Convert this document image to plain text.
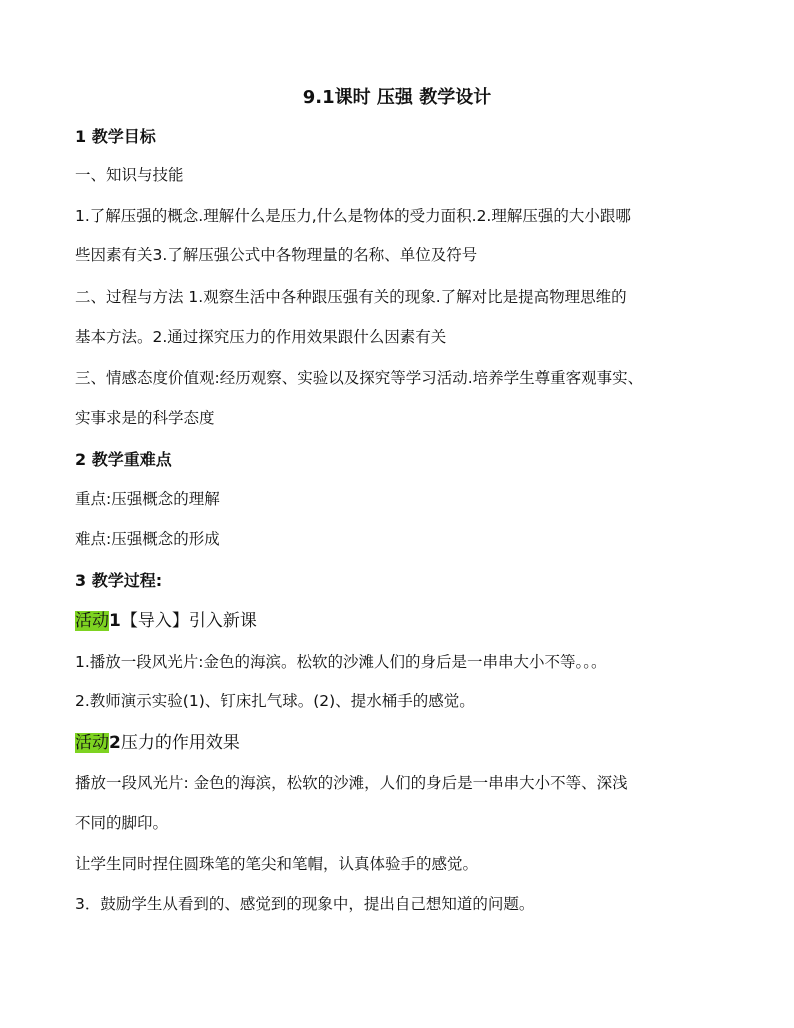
9.1课时 压强 教学设计
1 教学目标
一、知识与技能
1.了解压强的概念.理解什么是压力,什么是物体的受力面积.2.理解压强的大小跟哪
些因素有关3.了解压强公式中各物理量的名称、单位及符号
二、过程与方法 1.观察生活中各种跟压强有关的现象.了解对比是提高物理思维的
基本方法。2.通过探究压力的作用效果跟什么因素有关
三、情感态度价值观:经历观察、实验以及探究等学习活动.培养学生尊重客观事实、
实事求是的科学态度
2 教学重难点
重点:压强概念的理解
难点:压强概念的形成
3 教学过程:
活动1【导入】引入新课
1.播放一段风光片:金色的海滨。松软的沙滩人们的身后是一串串大小不等。。。
2.教师演示实验(1)、钉床扎气球。(2)、提水桶手的感觉。
活动2压力的作用效果
播放一段风光片: 金色的海滨，松软的沙滩，人们的身后是一串串大小不等、深浅
不同的脚印。
让学生同时捏住圆珠笔的笔尖和笔帽，认真体验手的感觉。
3．鼓励学生从看到的、感觉到的现象中，提出自己想知道的问题。
